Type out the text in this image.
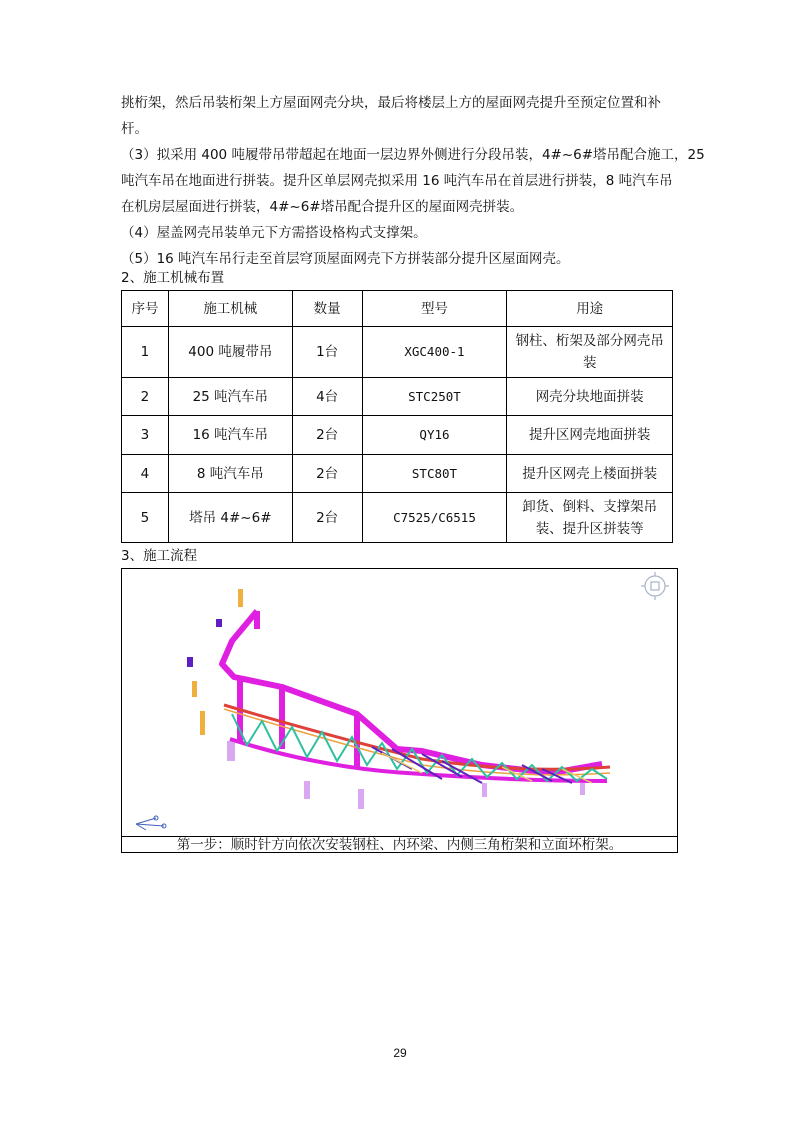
挑桁架，然后吊装桁架上方屋面网壳分块，最后将楼层上方的屋面网壳提升至预定位置和补
杆。
（3）拟采用 400 吨履带吊带超起在地面一层边界外侧进行分段吊装，4#~6#塔吊配合施工，25
吨汽车吊在地面进行拼装。提升区单层网壳拟采用 16 吨汽车吊在首层进行拼装，8 吨汽车吊
在机房层屋面进行拼装，4#~6#塔吊配合提升区的屋面网壳拼装。
（4）屋盖网壳吊装单元下方需搭设格构式支撑架。
（5）16 吨汽车吊行走至首层穹顶屋面网壳下方拼装部分提升区屋面网壳。
2、施工机械布置
序号	施工机械	数量	型号	用途
1	400 吨履带吊	1台	XGC400-1	钢柱、桁架及部分网壳吊装
2	25 吨汽车吊	4台	STC250T	网壳分块地面拼装
3	16 吨汽车吊	2台	QY16	提升区网壳地面拼装
4	8 吨汽车吊	2台	STC80T	提升区网壳上楼面拼装
5	塔吊 4#~6#	2台	C7525/C6515	卸货、倒料、支撑架吊装、提升区拼装等
3、施工流程
第一步：顺时针方向依次安装钢柱、内环梁、内侧三角桁架和立面环桁架。
29
